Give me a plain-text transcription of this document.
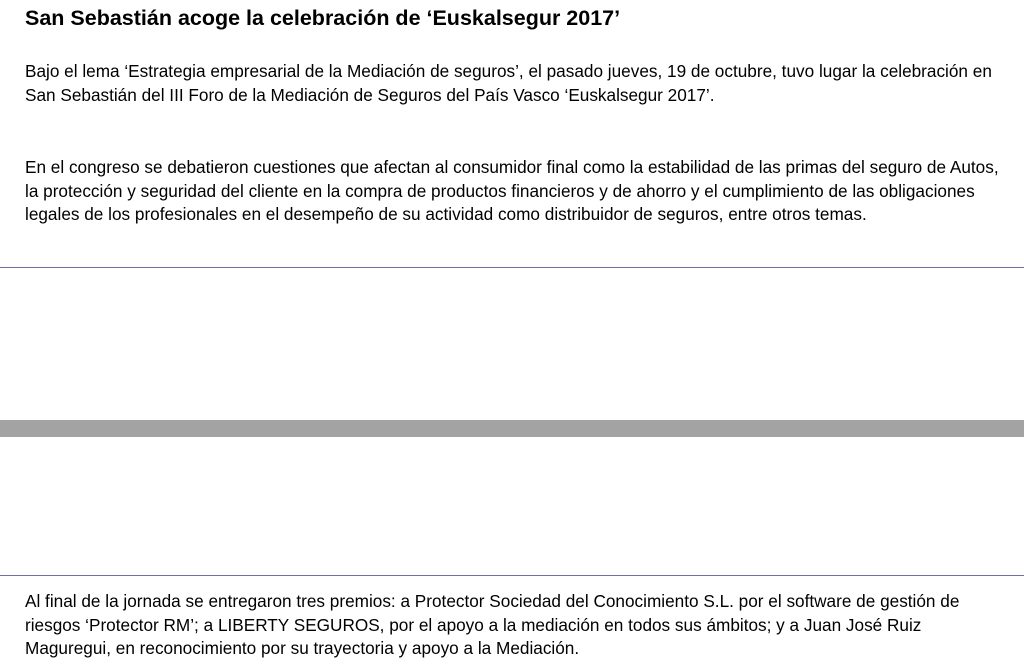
San Sebastián acoge la celebración de ‘Euskalsegur 2017’

Bajo el lema ‘Estrategia empresarial de la Mediación de seguros’, el pasado jueves, 19 de octubre, tuvo lugar la celebración en San Sebastián del III Foro de la Mediación de Seguros del País Vasco ‘Euskalsegur 2017’.

En el congreso se debatieron cuestiones que afectan al consumidor final como la estabilidad de las primas del seguro de Autos, la protección y seguridad del cliente en la compra de productos financieros y de ahorro y el cumplimiento de las obligaciones legales de los profesionales en el desempeño de su actividad como distribuidor de seguros, entre otros temas.

Al final de la jornada se entregaron tres premios: a Protector Sociedad del Conocimiento S.L. por el software de gestión de riesgos ‘Protector RM’; a LIBERTY SEGUROS, por el apoyo a la mediación en todos sus ámbitos; y a Juan José Ruiz Maguregui, en reconocimiento por su trayectoria y apoyo a la Mediación.
